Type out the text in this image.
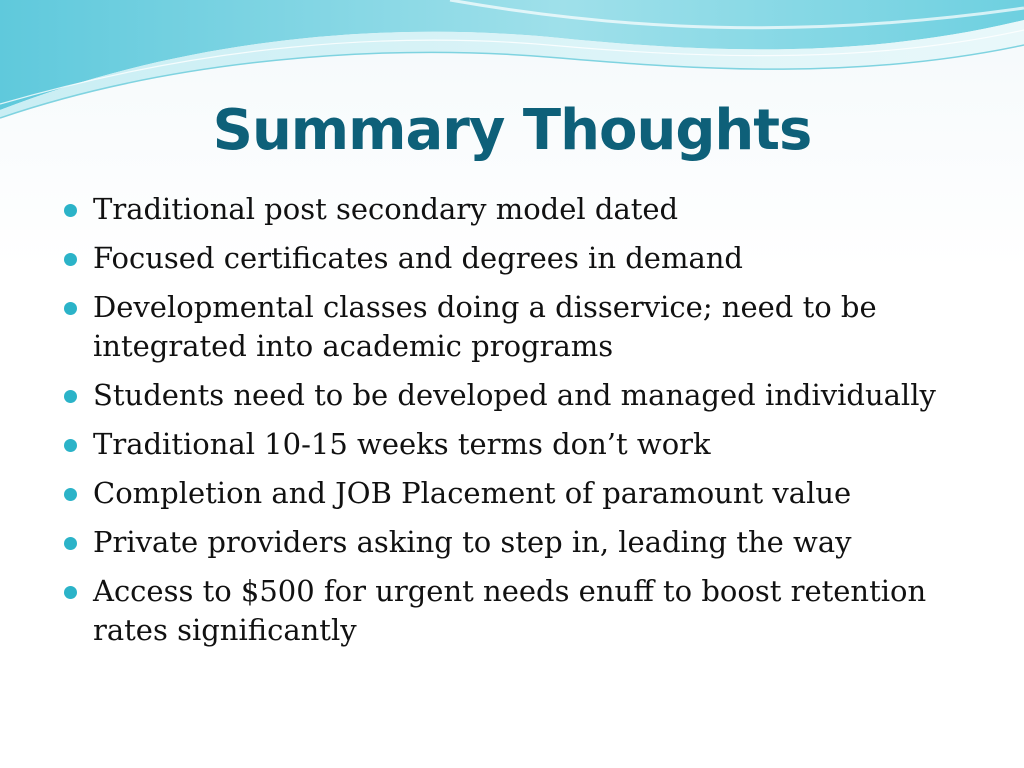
Summary Thoughts
Traditional post secondary model dated
Focused certificates and degrees in demand
Developmental classes doing a disservice; need to be integrated into academic programs
Students need to be developed and managed individually
Traditional 10-15 weeks terms don’t work
Completion and JOB Placement of paramount value
Private providers asking to step in, leading the way
Access to $500 for urgent needs enuff to boost retention rates significantly
